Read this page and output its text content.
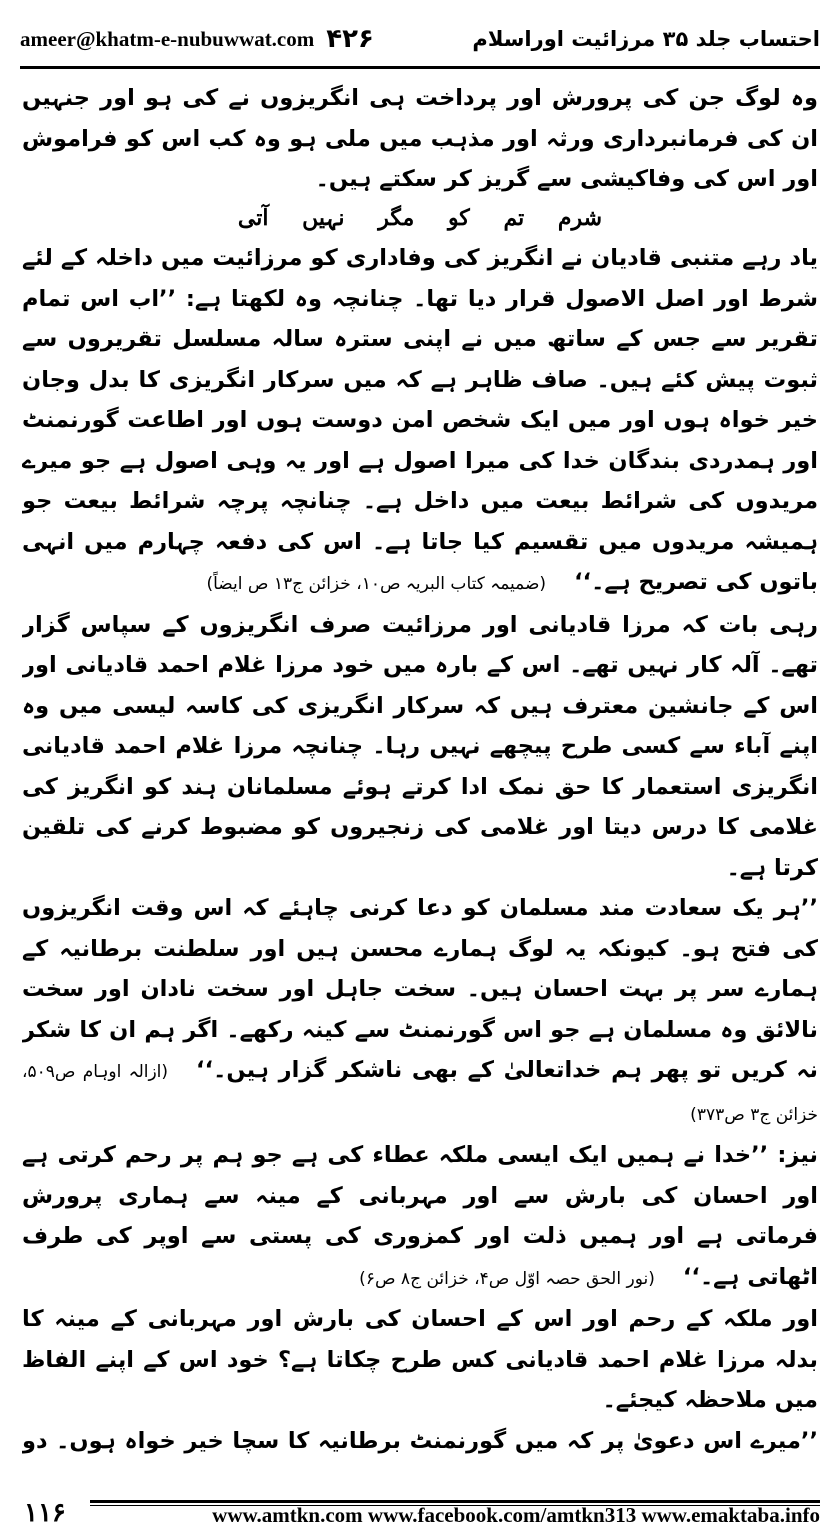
ameer@khatm-e-nubuwwat.com ۴۲۶	احتساب جلد ۳۵ مرزائیت اوراسلام

وہ لوگ جن کی پرورش اور پرداخت ہی انگریزوں نے کی ہو اور جنہیں ان کی فرمانبرداری ورثہ اور مذہب میں ملی ہو وہ کب اس کو فراموش اور اس کی وفاکیشی سے گریز کر سکتے ہیں۔

شرم تم کو مگر نہیں آتی

یاد رہے متنبی قادیان نے انگریز کی وفاداری کو مرزائیت میں داخلہ کے لئے شرط اور اصل الاصول قرار دیا تھا۔ چنانچہ وہ لکھتا ہے: ’’اب اس تمام تقریر سے جس کے ساتھ میں نے اپنی سترہ سالہ مسلسل تقریروں سے ثبوت پیش کئے ہیں۔ صاف ظاہر ہے کہ میں سرکار انگریزی کا بدل وجان خیر خواہ ہوں اور میں ایک شخص امن دوست ہوں اور اطاعت گورنمنٹ اور ہمدردی بندگان خدا کی میرا اصول ہے اور یہ وہی اصول ہے جو میرے مریدوں کی شرائط بیعت میں داخل ہے۔ چنانچہ پرچہ شرائط بیعت جو ہمیشہ مریدوں میں تقسیم کیا جاتا ہے۔ اس کی دفعہ چہارم میں انہی باتوں کی تصریح ہے۔‘‘(ضمیمہ کتاب البریہ ص۱۰، خزائن ج۱۳ ص ایضاً)

رہی بات کہ مرزا قادیانی اور مرزائیت صرف انگریزوں کے سپاس گزار تھے۔ آلہ کار نہیں تھے۔ اس کے بارہ میں خود مرزا غلام احمد قادیانی اور اس کے جانشین معترف ہیں کہ سرکار انگریزی کی کاسہ لیسی میں وہ اپنے آباء سے کسی طرح پیچھے نہیں رہا۔ چنانچہ مرزا غلام احمد قادیانی انگریزی استعمار کا حق نمک ادا کرتے ہوئے مسلمانان ہند کو انگریز کی غلامی کا درس دیتا اور غلامی کی زنجیروں کو مضبوط کرنے کی تلقین کرتا ہے۔

’’ہر یک سعادت مند مسلمان کو دعا کرنی چاہئے کہ اس وقت انگریزوں کی فتح ہو۔ کیونکہ یہ لوگ ہمارے محسن ہیں اور سلطنت برطانیہ کے ہمارے سر پر بہت احسان ہیں۔ سخت جاہل اور سخت نادان اور سخت نالائق وہ مسلمان ہے جو اس گورنمنٹ سے کینہ رکھے۔ اگر ہم ان کا شکر نہ کریں تو پھر ہم خداتعالیٰ کے بھی ناشکر گزار ہیں۔‘‘(ازالہ اوہام ص۵۰۹، خزائن ج۳ ص۳۷۳)

نیز: ’’خدا نے ہمیں ایک ایسی ملکہ عطاء کی ہے جو ہم پر رحم کرتی ہے اور احسان کی بارش سے اور مہربانی کے مینہ سے ہماری پرورش فرماتی ہے اور ہمیں ذلت اور کمزوری کی پستی سے اوپر کی طرف اٹھاتی ہے۔‘‘(نور الحق حصہ اوّل ص۴، خزائن ج۸ ص۶)

اور ملکہ کے رحم اور اس کے احسان کی بارش اور مہربانی کے مینہ کا بدلہ مرزا غلام احمد قادیانی کس طرح چکاتا ہے؟ خود اس کے اپنے الفاظ میں ملاحظہ کیجئے۔

’’میرے اس دعویٰ پر کہ میں گورنمنٹ برطانیہ کا سچا خیر خواہ ہوں۔ دو

۱۱۶	www.amtkn.com www.facebook.com/amtkn313 www.emaktaba.info
